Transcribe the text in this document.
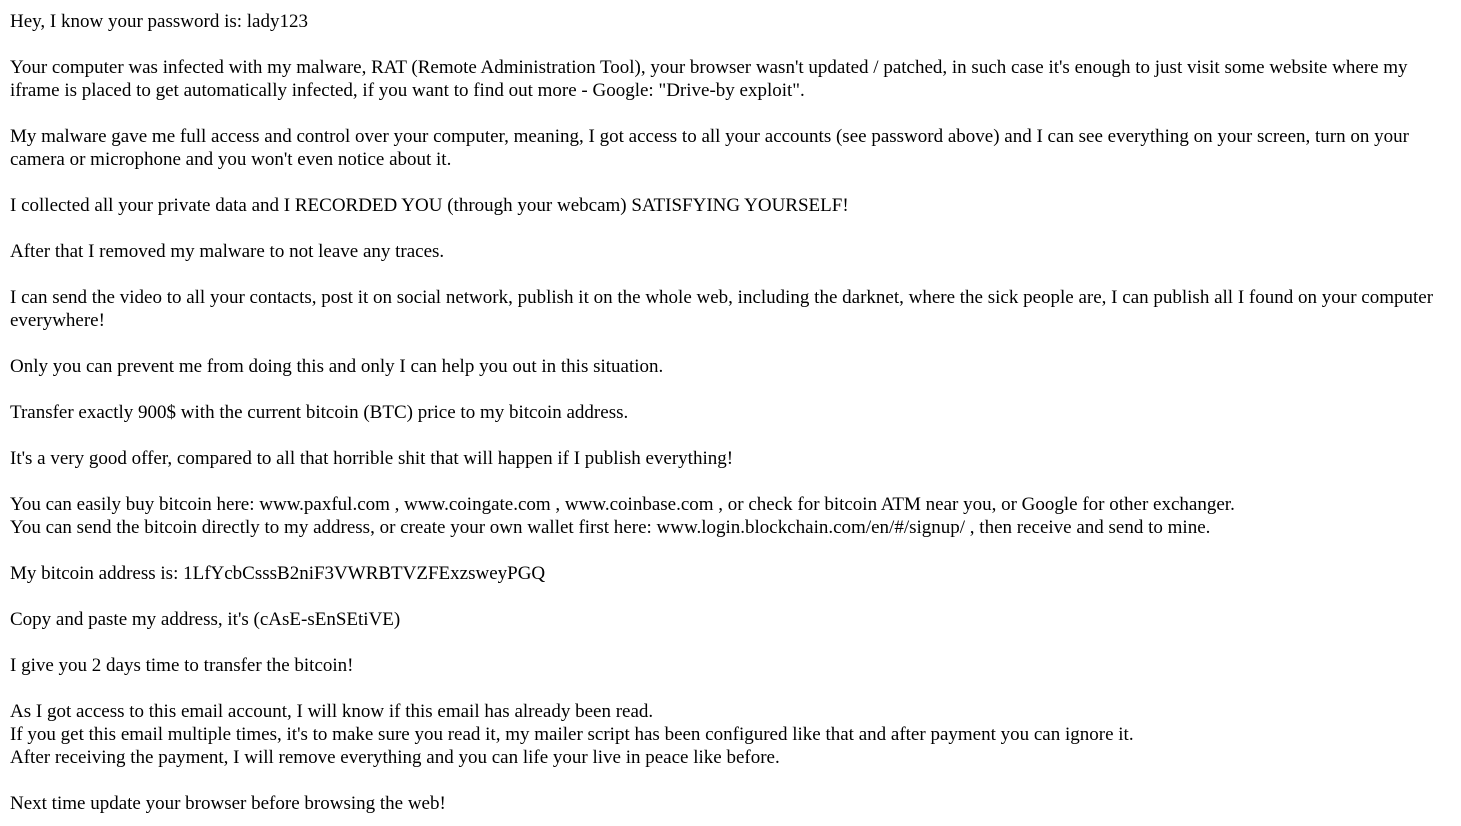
Hey, I know your password is: lady123

Your computer was infected with my malware, RAT (Remote Administration Tool), your browser wasn't updated / patched, in such case it's enough to just visit some website where my iframe is placed to get automatically infected, if you want to find out more - Google: "Drive-by exploit".

My malware gave me full access and control over your computer, meaning, I got access to all your accounts (see password above) and I can see everything on your screen, turn on your camera or microphone and you won't even notice about it.

I collected all your private data and I RECORDED YOU (through your webcam) SATISFYING YOURSELF!

After that I removed my malware to not leave any traces.

I can send the video to all your contacts, post it on social network, publish it on the whole web, including the darknet, where the sick people are, I can publish all I found on your computer everywhere!

Only you can prevent me from doing this and only I can help you out in this situation.

Transfer exactly 900$ with the current bitcoin (BTC) price to my bitcoin address.

It's a very good offer, compared to all that horrible shit that will happen if I publish everything!

You can easily buy bitcoin here: www.paxful.com , www.coingate.com , www.coinbase.com , or check for bitcoin ATM near you, or Google for other exchanger.
You can send the bitcoin directly to my address, or create your own wallet first here: www.login.blockchain.com/en/#/signup/ , then receive and send to mine.

My bitcoin address is: 1LfYcbCsssB2niF3VWRBTVZFExzsweyPGQ

Copy and paste my address, it's (cAsE-sEnSEtiVE)

I give you 2 days time to transfer the bitcoin!

As I got access to this email account, I will know if this email has already been read.
If you get this email multiple times, it's to make sure you read it, my mailer script has been configured like that and after payment you can ignore it.
After receiving the payment, I will remove everything and you can life your live in peace like before.

Next time update your browser before browsing the web!
